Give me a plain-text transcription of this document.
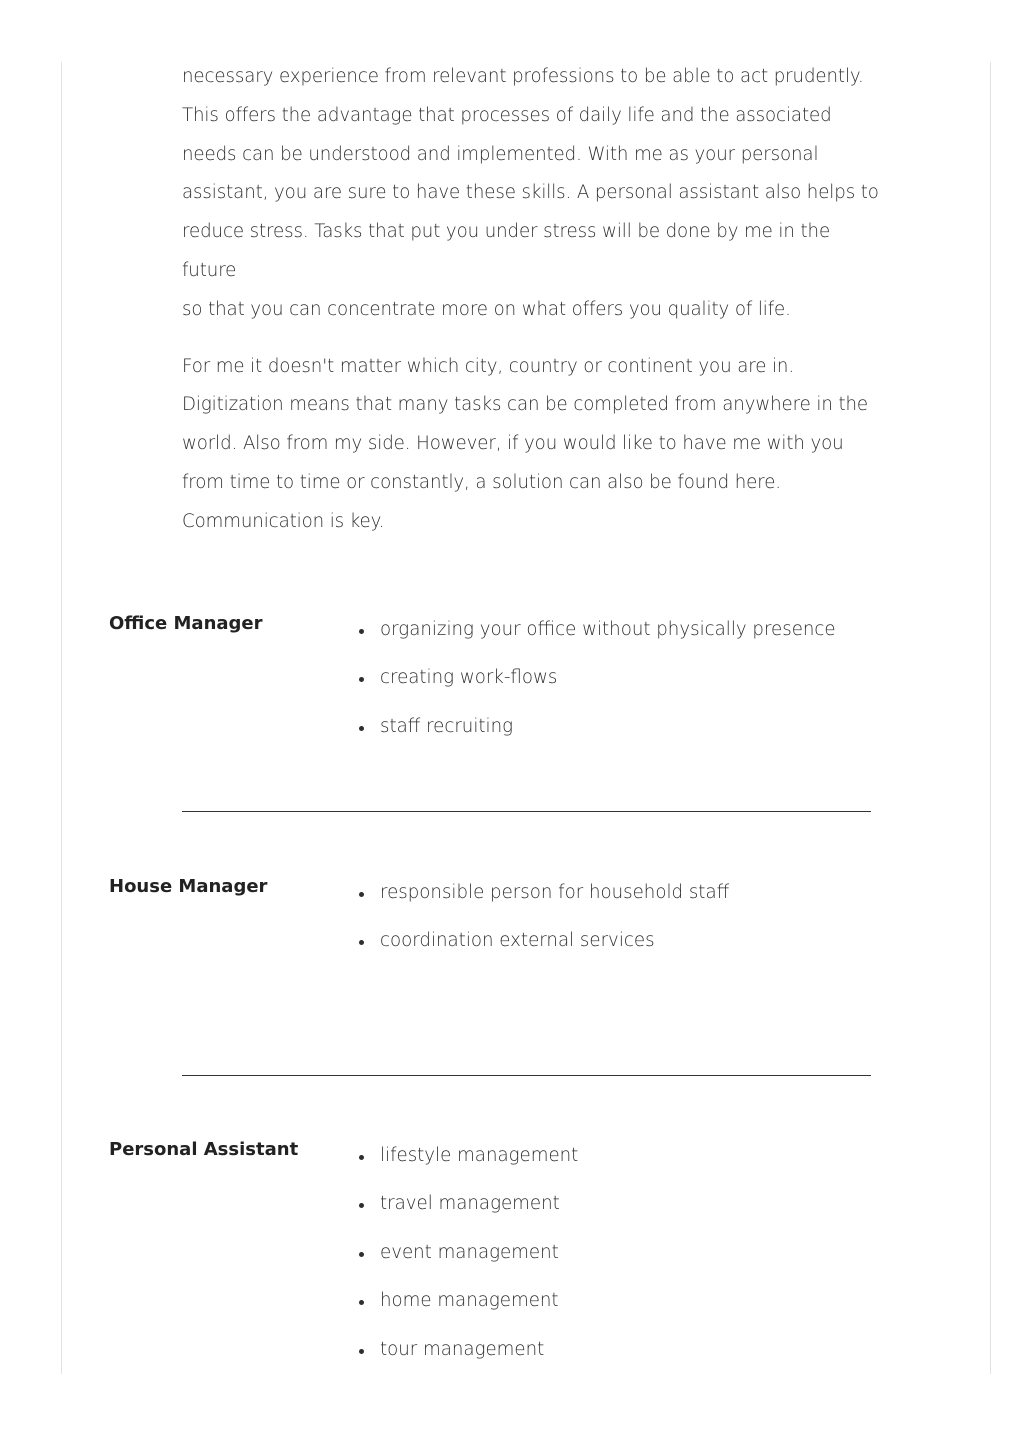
necessary experience from relevant professions to be able to act prudently.
This offers the advantage that processes of daily life and the associated
needs can be understood and implemented. With me as your personal
assistant, you are sure to have these skills. A personal assistant also helps to
reduce stress. Tasks that put you under stress will be done by me in the future
so that you can concentrate more on what offers you quality of life.

For me it doesn't matter which city, country or continent you are in.
Digitization means that many tasks can be completed from anywhere in the
world. Also from my side. However, if you would like to have me with you
from time to time or constantly, a solution can also be found here.
Communication is key.

Office Manager	organizing your office without physically presence
creating work-flows
staff recruiting
House Manager	responsible person for household staff
coordination external services
Personal Assistant	lifestyle management
travel management
event management
home management
tour management
